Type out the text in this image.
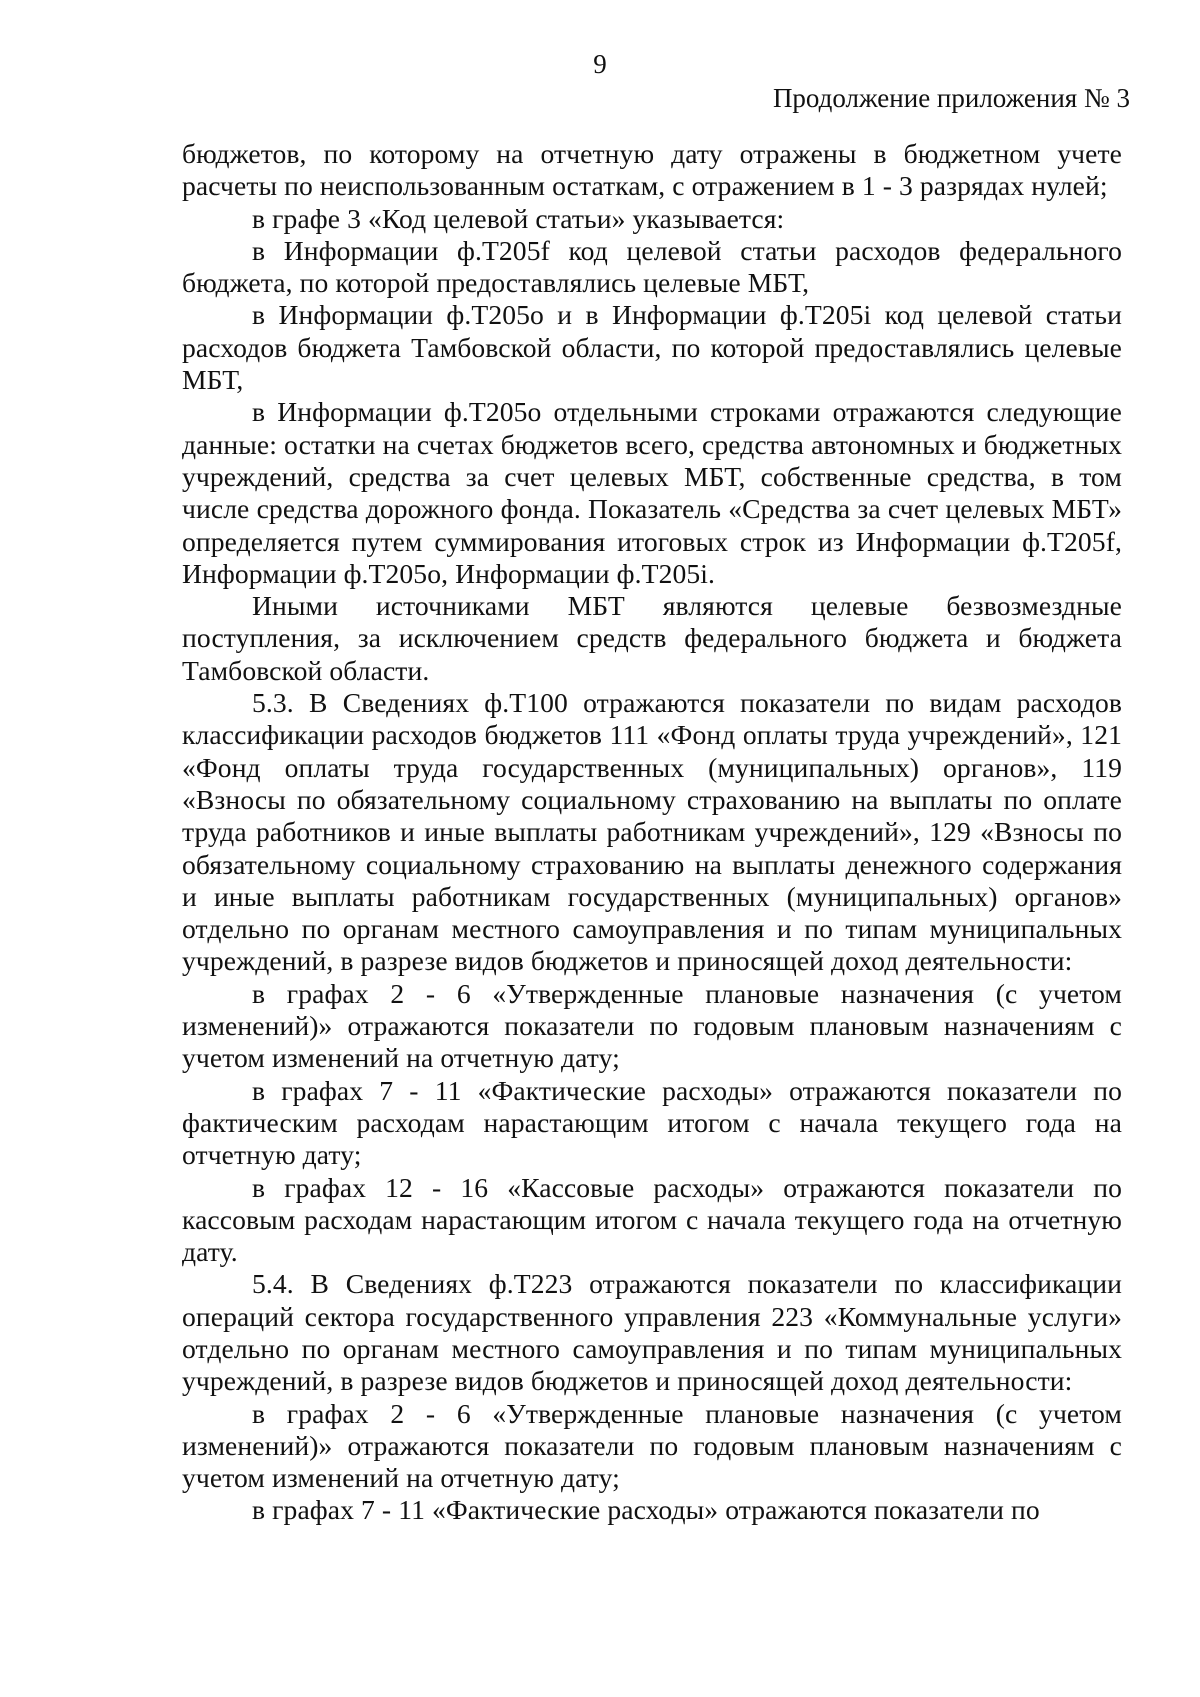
9
Продолжение приложения № 3

бюджетов, по которому на отчетную дату отражены в бюджетном учете расчеты по неиспользованным остаткам, с отражением в 1 - 3 разрядах нулей;

в графе 3 «Код целевой статьи» указывается:

в Информации ф.Т205f код целевой статьи расходов федерального бюджета, по которой предоставлялись целевые МБТ,

в Информации ф.Т205о и в Информации ф.Т205i код целевой статьи расходов бюджета Тамбовской области, по которой предоставлялись целевые МБТ,

в Информации ф.Т205о отдельными строками отражаются следующие данные: остатки на счетах бюджетов всего, средства автономных и бюджетных учреждений, средства за счет целевых МБТ, собственные средства, в том числе средства дорожного фонда. Показатель «Средства за счет целевых МБТ» определяется путем суммирования итоговых строк из Информации ф.Т205f, Информации ф.Т205о, Информации ф.Т205i.

Иными источниками МБТ являются целевые безвозмездные поступления, за исключением средств федерального бюджета и бюджета Тамбовской области.

5.3. В Сведениях ф.Т100 отражаются показатели по видам расходов классификации расходов бюджетов 111 «Фонд оплаты труда учреждений», 121 «Фонд оплаты труда государственных (муниципальных) органов», 119 «Взносы по обязательному социальному страхованию на выплаты по оплате труда работников и иные выплаты работникам учреждений», 129 «Взносы по обязательному социальному страхованию на выплаты денежного содержания и иные выплаты работникам государственных (муниципальных) органов» отдельно по органам местного самоуправления и по типам муниципальных учреждений, в разрезе видов бюджетов и приносящей доход деятельности:

в графах 2 - 6 «Утвержденные плановые назначения (с учетом изменений)» отражаются показатели по годовым плановым назначениям с учетом изменений на отчетную дату;

в графах 7 - 11 «Фактические расходы» отражаются показатели по фактическим расходам нарастающим итогом с начала текущего года на отчетную дату;

в графах 12 - 16 «Кассовые расходы» отражаются показатели по кассовым расходам нарастающим итогом с начала текущего года на отчетную дату.

5.4. В Сведениях ф.Т223 отражаются показатели по классификации операций сектора государственного управления 223 «Коммунальные услуги» отдельно по органам местного самоуправления и по типам муниципальных учреждений, в разрезе видов бюджетов и приносящей доход деятельности:

в графах 2 - 6 «Утвержденные плановые назначения (с учетом изменений)» отражаются показатели по годовым плановым назначениям с учетом изменений на отчетную дату;

в графах 7 - 11 «Фактические расходы» отражаются показатели по
